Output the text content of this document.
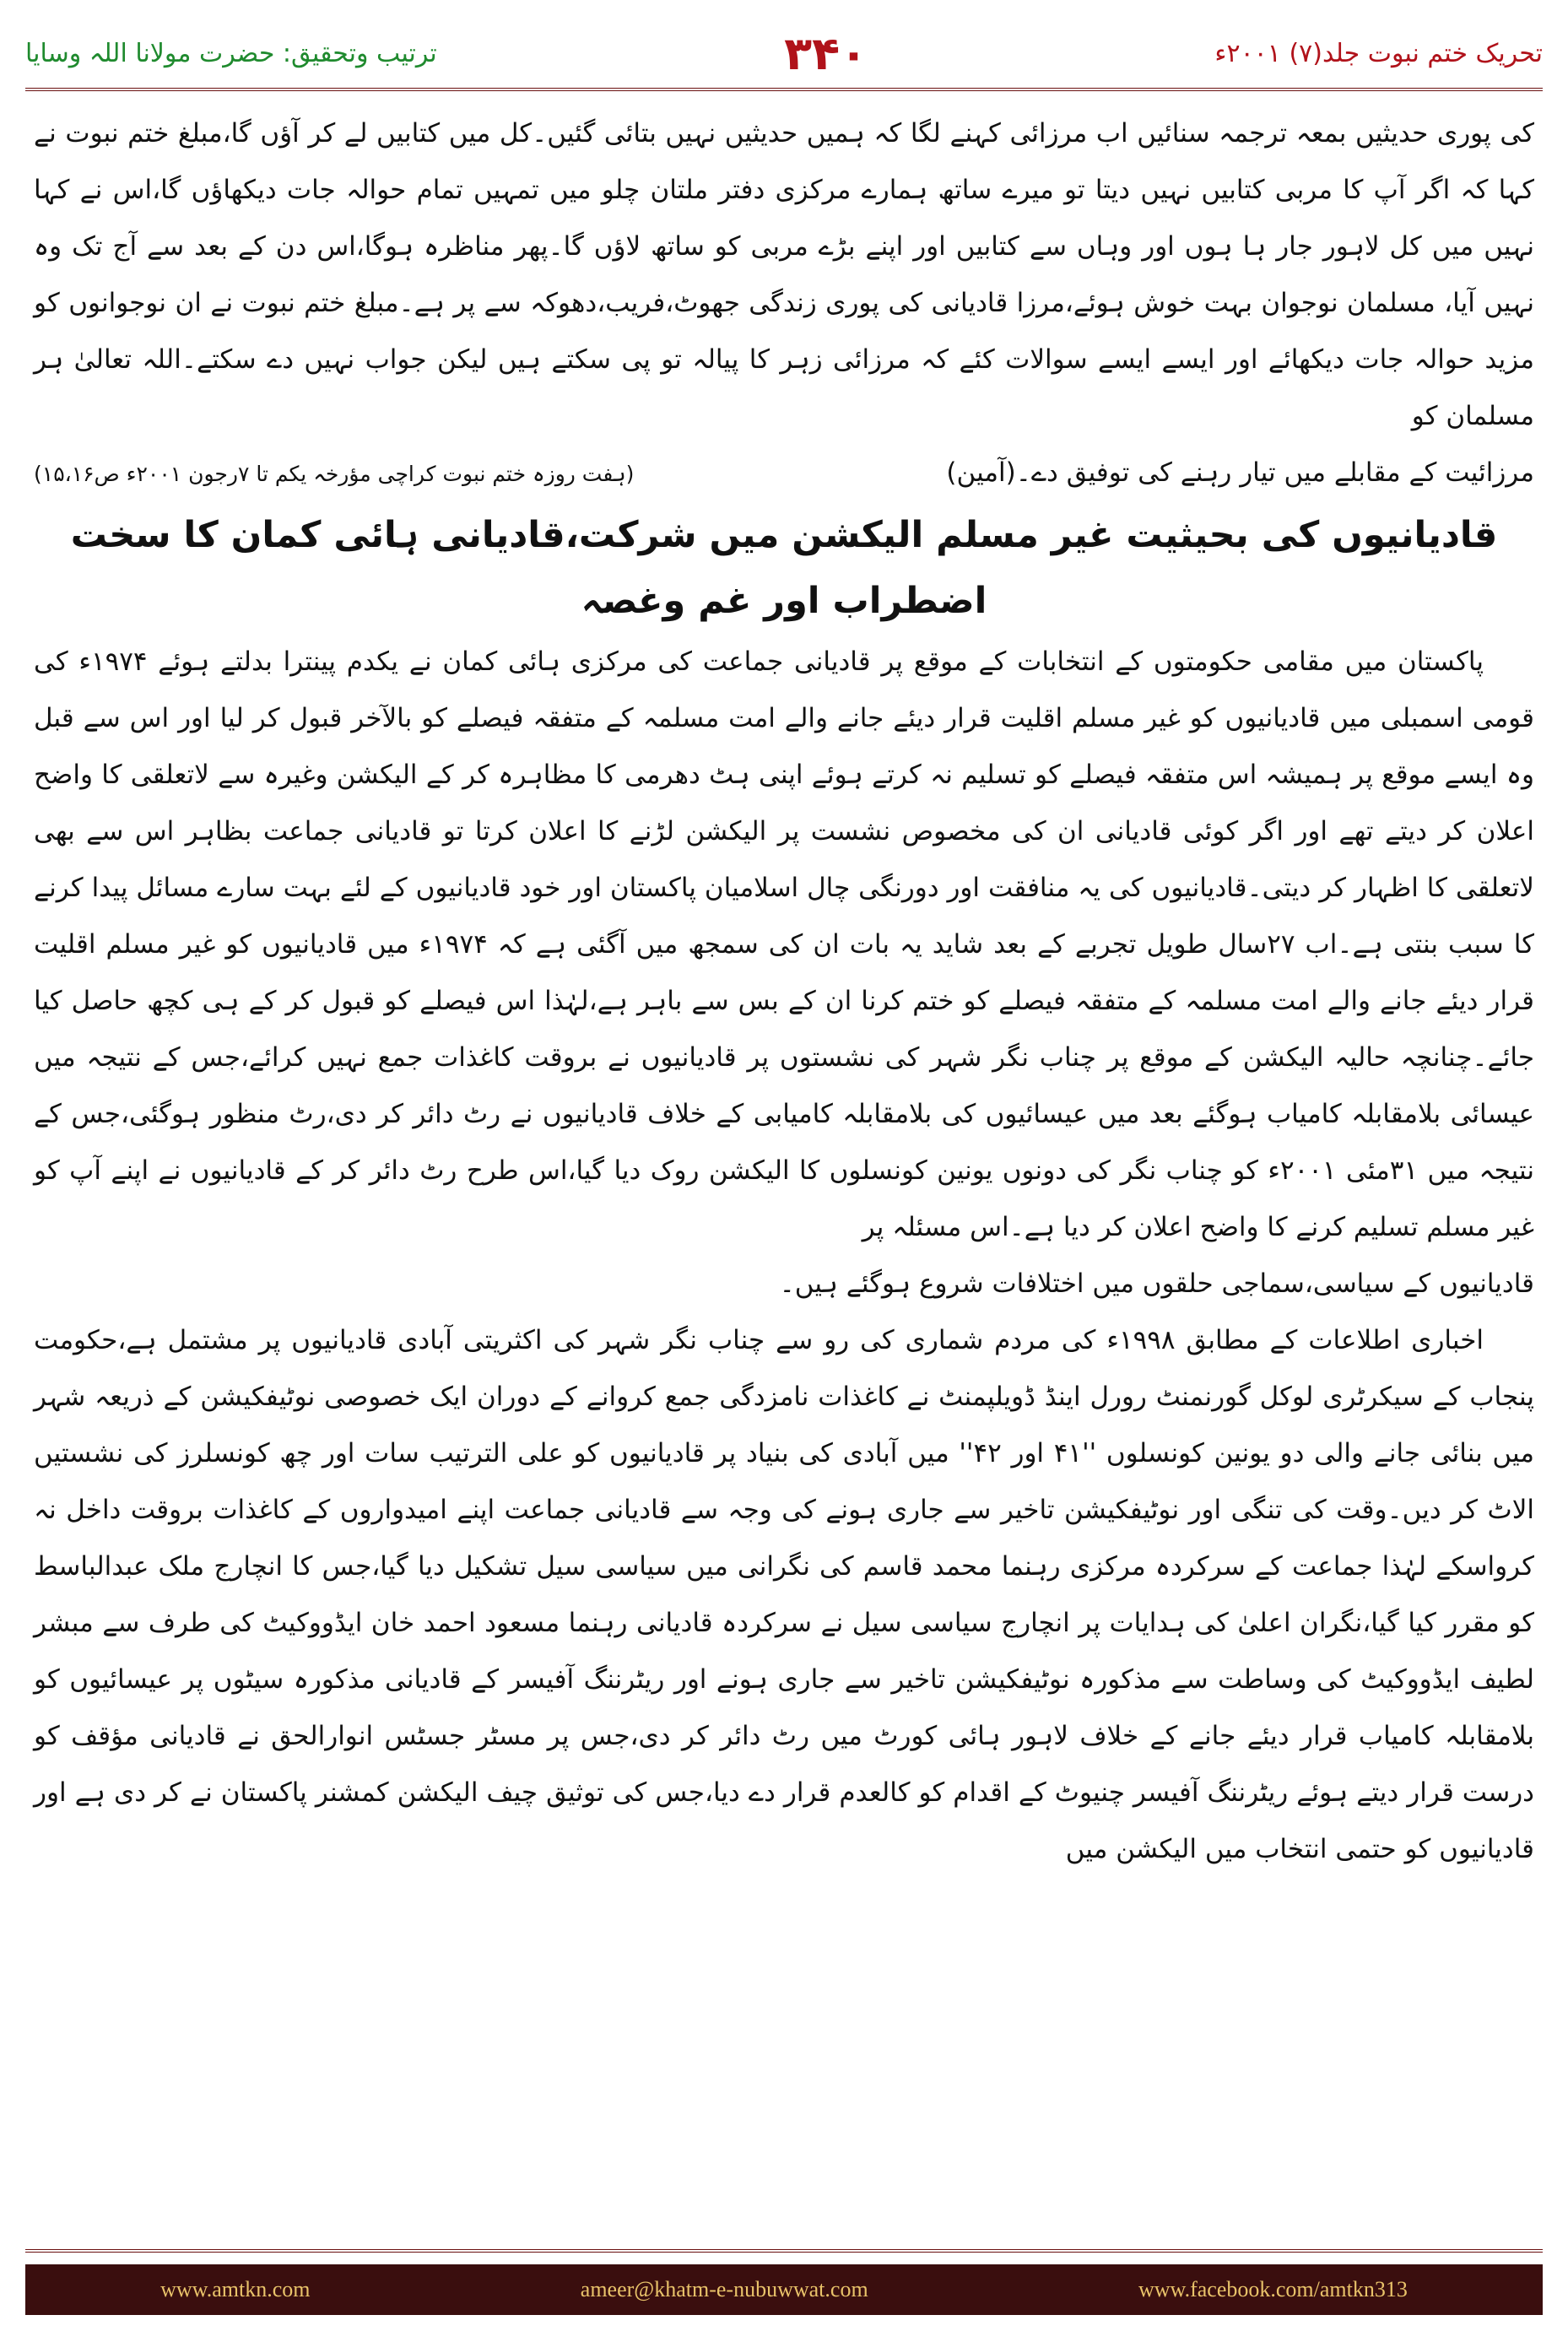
ترتیب وتحقیق: حضرت مولانا اللہ وسایا	۳۴۰	تحریک ختم نبوت جلد(۷) ۲۰۰۱ء

کی پوری حدیثیں بمعہ ترجمہ سنائیں اب مرزائی کہنے لگا کہ ہمیں حدیثیں نہیں بتائی گئیں۔کل میں کتابیں لے کر آؤں گا،مبلغ ختم نبوت نے کہا کہ اگر آپ کا مربی کتابیں نہیں دیتا تو میرے ساتھ ہمارے مرکزی دفتر ملتان چلو میں تمہیں تمام حوالہ جات دیکھاؤں گا،اس نے کہا نہیں میں کل لاہور جار ہا ہوں اور وہاں سے کتابیں اور اپنے بڑے مربی کو ساتھ لاؤں گا۔پھر مناظرہ ہوگا،اس دن کے بعد سے آج تک وہ نہیں آیا، مسلمان نوجوان بہت خوش ہوئے،مرزا قادیانی کی پوری زندگی جھوٹ،فریب،دھوکہ سے پر ہے۔مبلغ ختم نبوت نے ان نوجوانوں کو مزید حوالہ جات دیکھائے اور ایسے ایسے سوالات کئے کہ مرزائی زہر کا پیالہ تو پی سکتے ہیں لیکن جواب نہیں دے سکتے۔اللہ تعالیٰ ہر مسلمان کو

مرزائیت کے مقابلے میں تیار رہنے کی توفیق دے۔(آمین)
(ہفت روزہ ختم نبوت کراچی مؤرخہ یکم تا ۷رجون ۲۰۰۱ء ص۱۵،۱۶)

قادیانیوں کی بحیثیت غیر مسلم الیکشن میں شرکت،قادیانی ہائی کمان کا سخت اضطراب اور غم وغصہ

پاکستان میں مقامی حکومتوں کے انتخابات کے موقع پر قادیانی جماعت کی مرکزی ہائی کمان نے یکدم پینترا بدلتے ہوئے ۱۹۷۴ء کی قومی اسمبلی میں قادیانیوں کو غیر مسلم اقلیت قرار دیئے جانے والے امت مسلمہ کے متفقہ فیصلے کو بالآخر قبول کر لیا اور اس سے قبل وہ ایسے موقع پر ہمیشہ اس متفقہ فیصلے کو تسلیم نہ کرتے ہوئے اپنی ہٹ دھرمی کا مظاہرہ کر کے الیکشن وغیرہ سے لاتعلقی کا واضح اعلان کر دیتے تھے اور اگر کوئی قادیانی ان کی مخصوص نشست پر الیکشن لڑنے کا اعلان کرتا تو قادیانی جماعت بظاہر اس سے بھی لاتعلقی کا اظہار کر دیتی۔قادیانیوں کی یہ منافقت اور دورنگی چال اسلامیان پاکستان اور خود قادیانیوں کے لئے بہت سارے مسائل پیدا کرنے کا سبب بنتی ہے۔اب ۲۷سال طویل تجربے کے بعد شاید یہ بات ان کی سمجھ میں آگئی ہے کہ ۱۹۷۴ء میں قادیانیوں کو غیر مسلم اقلیت قرار دیئے جانے والے امت مسلمہ کے متفقہ فیصلے کو ختم کرنا ان کے بس سے باہر ہے،لہٰذا اس فیصلے کو قبول کر کے ہی کچھ حاصل کیا جائے۔چنانچہ حالیہ الیکشن کے موقع پر چناب نگر شہر کی نشستوں پر قادیانیوں نے بروقت کاغذات جمع نہیں کرائے،جس کے نتیجہ میں عیسائی بلامقابلہ کامیاب ہوگئے بعد میں عیسائیوں کی بلامقابلہ کامیابی کے خلاف قادیانیوں نے رٹ دائر کر دی،رٹ منظور ہوگئی،جس کے نتیجہ میں ۳۱مئی ۲۰۰۱ء کو چناب نگر کی دونوں یونین کونسلوں کا الیکشن روک دیا گیا،اس طرح رٹ دائر کر کے قادیانیوں نے اپنے آپ کو غیر مسلم تسلیم کرنے کا واضح اعلان کر دیا ہے۔اس مسئلہ پر

قادیانیوں کے سیاسی،سماجی حلقوں میں اختلافات شروع ہوگئے ہیں۔

اخباری اطلاعات کے مطابق ۱۹۹۸ء کی مردم شماری کی رو سے چناب نگر شہر کی اکثریتی آبادی قادیانیوں پر مشتمل ہے،حکومت پنجاب کے سیکرٹری لوکل گورنمنٹ رورل اینڈ ڈویلپمنٹ نے کاغذات نامزدگی جمع کروانے کے دوران ایک خصوصی نوٹیفکیشن کے ذریعہ شہر میں بنائی جانے والی دو یونین کونسلوں ''۴۱ اور ۴۲'' میں آبادی کی بنیاد پر قادیانیوں کو علی الترتیب سات اور چھ کونسلرز کی نشستیں الاٹ کر دیں۔وقت کی تنگی اور نوٹیفکیشن تاخیر سے جاری ہونے کی وجہ سے قادیانی جماعت اپنے امیدواروں کے کاغذات بروقت داخل نہ کرواسکے لہٰذا جماعت کے سرکردہ مرکزی رہنما محمد قاسم کی نگرانی میں سیاسی سیل تشکیل دیا گیا،جس کا انچارج ملک عبدالباسط کو مقرر کیا گیا،نگران اعلیٰ کی ہدایات پر انچارج سیاسی سیل نے سرکردہ قادیانی رہنما مسعود احمد خان ایڈووکیٹ کی طرف سے مبشر لطیف ایڈووکیٹ کی وساطت سے مذکورہ نوٹیفکیشن تاخیر سے جاری ہونے اور ریٹرننگ آفیسر کے قادیانی مذکورہ سیٹوں پر عیسائیوں کو بلامقابلہ کامیاب قرار دیئے جانے کے خلاف لاہور ہائی کورٹ میں رٹ دائر کر دی،جس پر مسٹر جسٹس انوارالحق نے قادیانی مؤقف کو درست قرار دیتے ہوئے ریٹرننگ آفیسر چنیوٹ کے اقدام کو کالعدم قرار دے دیا،جس کی توثیق چیف الیکشن کمشنر پاکستان نے کر دی ہے اور قادیانیوں کو حتمی انتخاب میں الیکشن میں

www.amtkn.com	ameer@khatm-e-nubuwwat.com	www.facebook.com/amtkn313
